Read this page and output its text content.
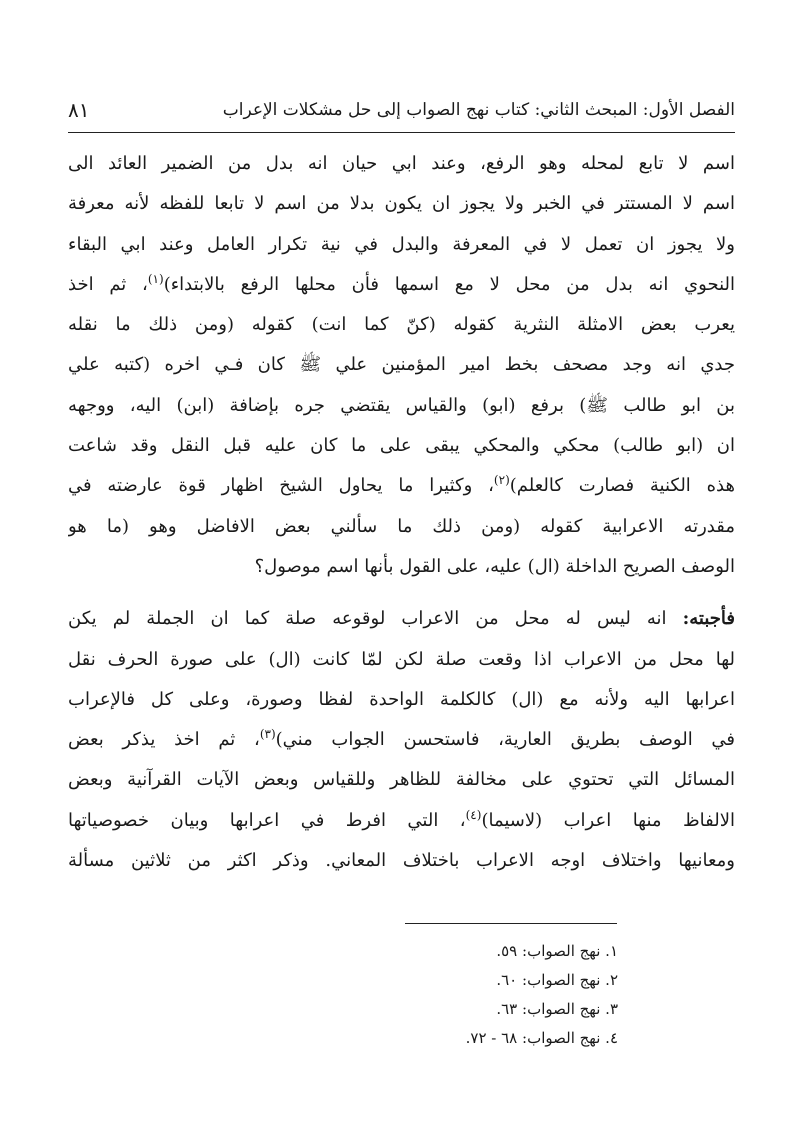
الفصل الأول: المبحث الثاني: كتاب نهج الصواب إلى حل مشكلات الإعراب
٨١
اسم لا تابع لمحله وهو الرفع، وعند ابي حيان انه بدل من الضمير العائد الى
اسم لا المستتر في الخبر ولا يجوز ان يكون بدلا من اسم لا تابعا للفظه لأنه معرفة
ولا يجوز ان تعمل لا في المعرفة والبدل في نية تكرار العامل وعند ابي البقاء
النحوي انه بدل من محل لا مع اسمها فأن محلها الرفع بالابتداء)$^{(١)}$، ثم اخذ
يعرب بعض الامثلة النثرية كقوله (كنّ كما انت) كقوله (ومن ذلك ما نقله
جدي انه وجد مصحف بخط امير المؤمنين علي ﷺ كان فـي اخره (كتبه علي
بن ابو طالب ﷺ) برفع (ابو) والقياس يقتضي جره بإضافة (ابن) اليه، ووجهه
ان (ابو طالب) محكي والمحكي يبقى على ما كان عليه قبل النقل وقد شاعت
هذه الكنية فصارت كالعلم)$^{(٢)}$، وكثيرا ما يحاول الشيخ اظهار قوة عارضته في
مقدرته الاعرابية كقوله (ومن ذلك ما سألني بعض الافاضل وهو (ما هو
الوصف الصريح الداخلة (ال) عليه، على القول بأنها اسم موصول؟
فأجبته: انه ليس له محل من الاعراب لوقوعه صلة كما ان الجملة لم يكن
لها محل من الاعراب اذا وقعت صلة لكن لمّا كانت (ال) على صورة الحرف نقل
اعرابها اليه ولأنه مع (ال) كالكلمة الواحدة لفظا وصورة، وعلى كل فالإعراب
في الوصف بطريق العارية، فاستحسن الجواب مني)$^{(٣)}$، ثم اخذ يذكر بعض
المسائل التي تحتوي على مخالفة للظاهر وللقياس وبعض الآيات القرآنية وبعض
الالفاظ منها اعراب (لاسيما)$^{(٤)}$، التي افرط في اعرابها وبيان خصوصياتها
ومعانيها واختلاف اوجه الاعراب باختلاف المعاني. وذكر اكثر من ثلاثين مسألة
١. نهج الصواب: ٥٩.
٢. نهج الصواب: ٦٠.
٣. نهج الصواب: ٦٣.
٤. نهج الصواب: ٦٨ - ٧٢.
